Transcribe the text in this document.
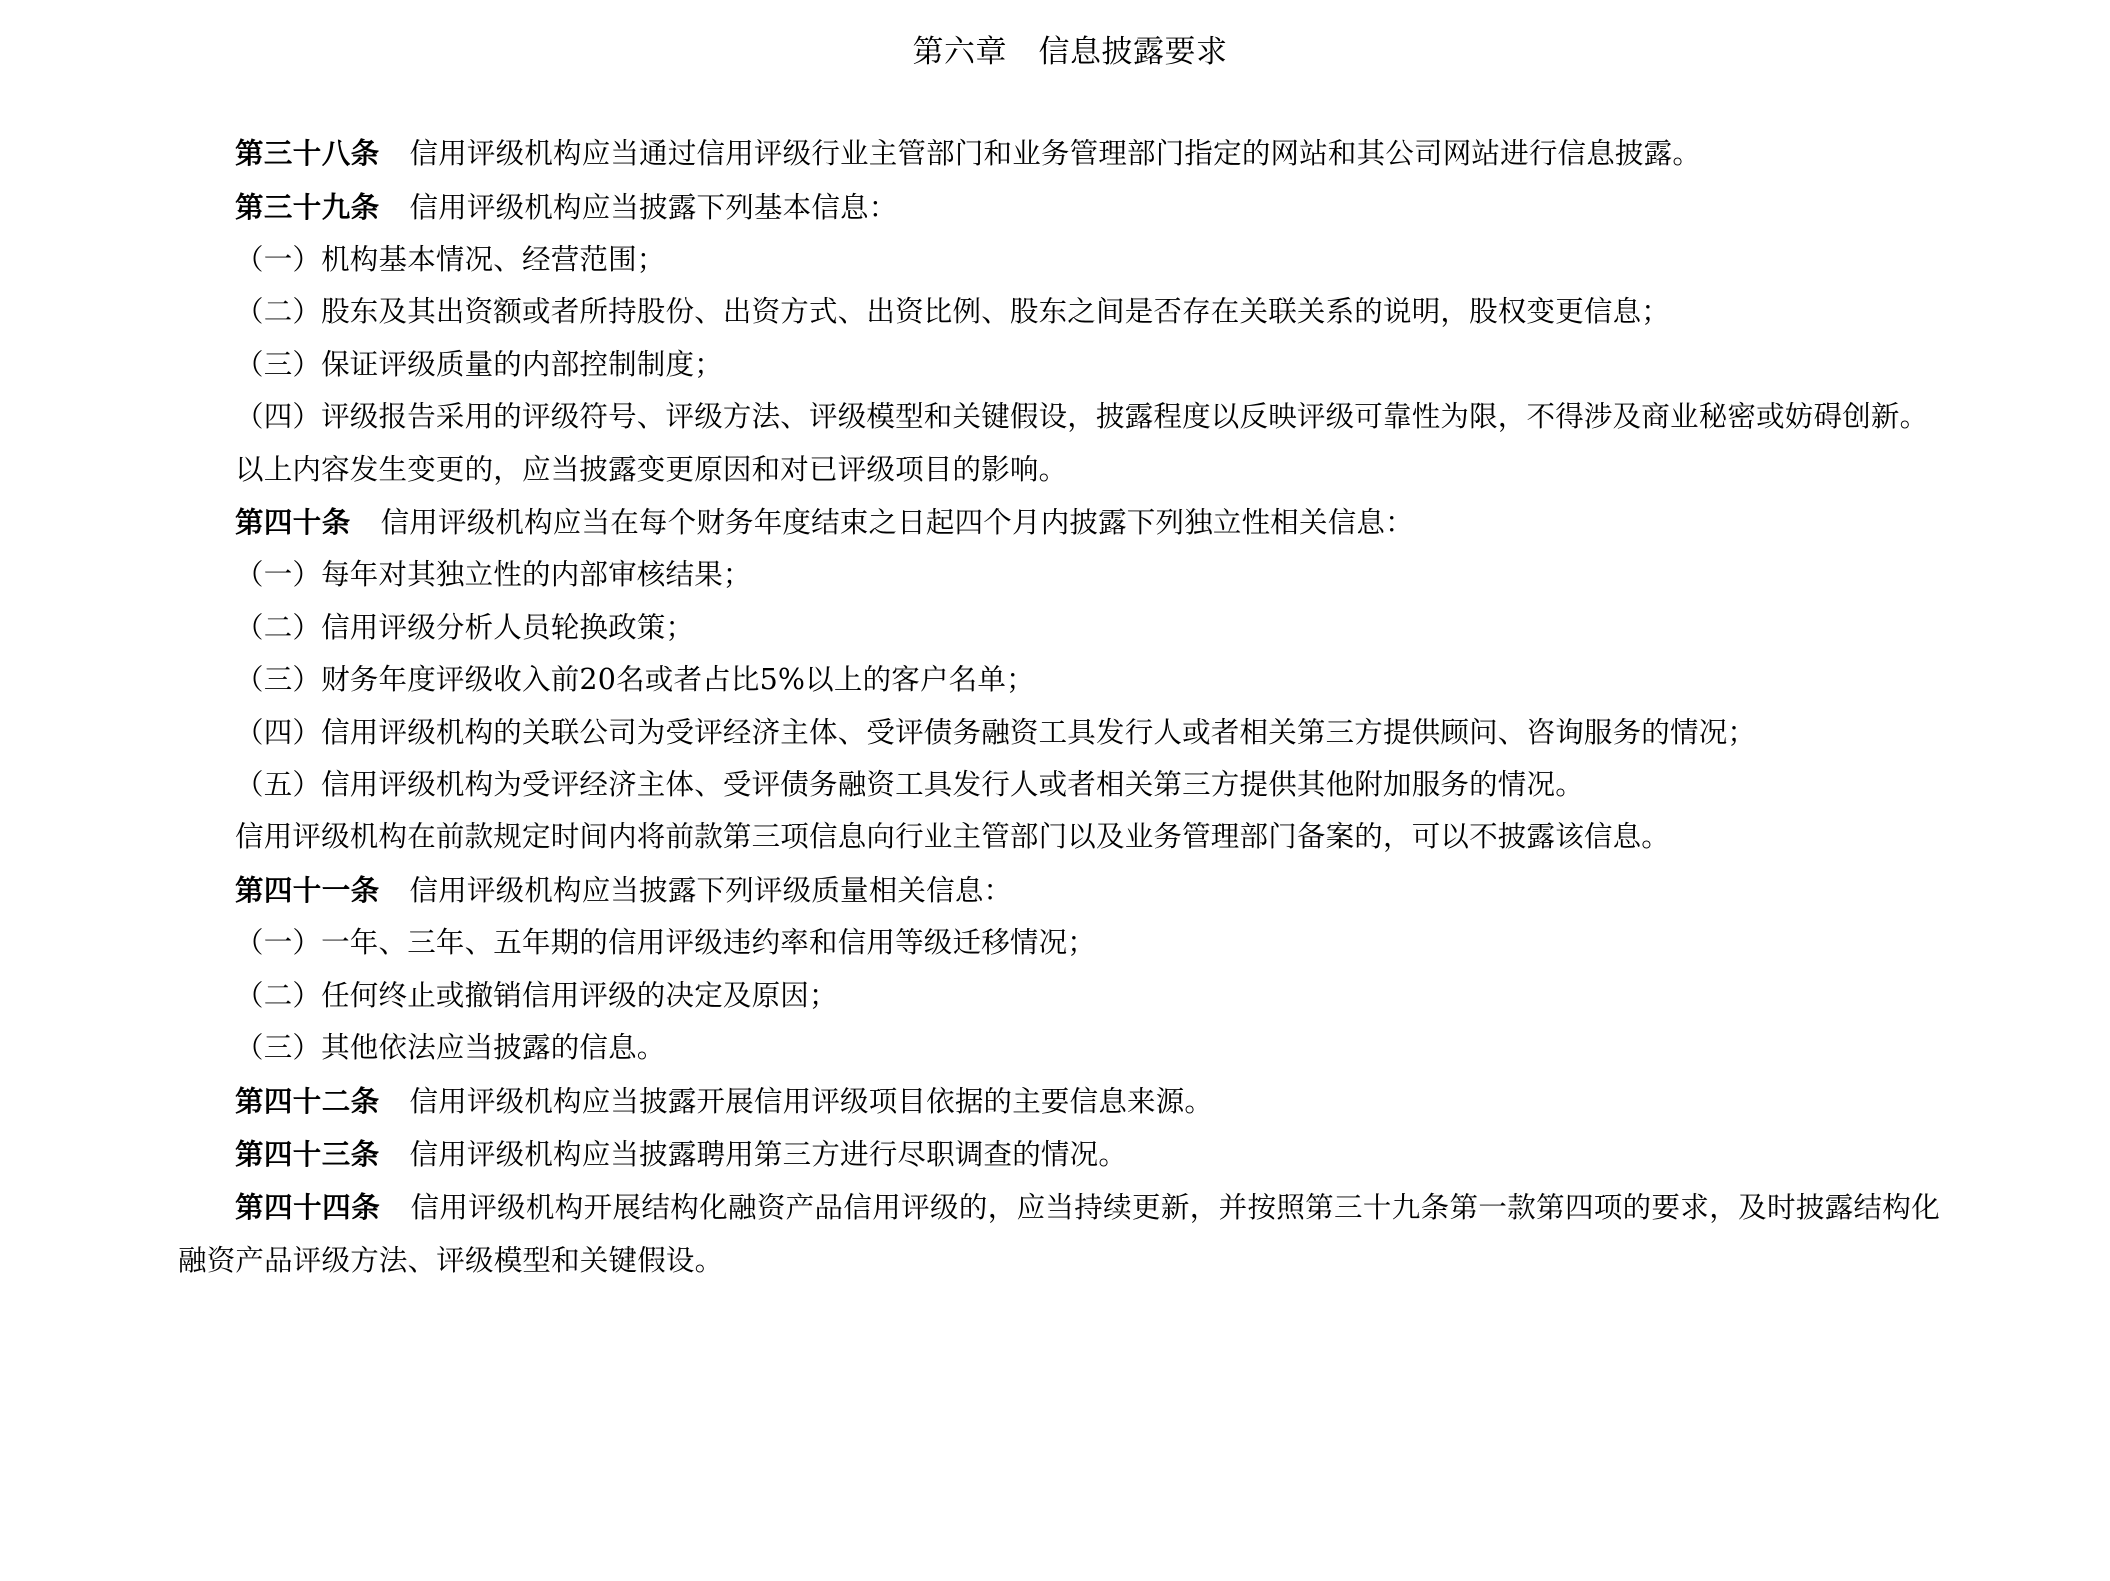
第六章　信息披露要求

第三十八条 信用评级机构应当通过信用评级行业主管部门和业务管理部门指定的网站和其公司网站进行信息披露。

第三十九条 信用评级机构应当披露下列基本信息：

（一）机构基本情况、经营范围；

（二）股东及其出资额或者所持股份、出资方式、出资比例、股东之间是否存在关联关系的说明，股权变更信息；

（三）保证评级质量的内部控制制度；

（四）评级报告采用的评级符号、评级方法、评级模型和关键假设，披露程度以反映评级可靠性为限，不得涉及商业秘密或妨碍创新。

以上内容发生变更的，应当披露变更原因和对已评级项目的影响。

第四十条 信用评级机构应当在每个财务年度结束之日起四个月内披露下列独立性相关信息：

（一）每年对其独立性的内部审核结果；

（二）信用评级分析人员轮换政策；

（三）财务年度评级收入前20名或者占比5%以上的客户名单；

（四）信用评级机构的关联公司为受评经济主体、受评债务融资工具发行人或者相关第三方提供顾问、咨询服务的情况；

（五）信用评级机构为受评经济主体、受评债务融资工具发行人或者相关第三方提供其他附加服务的情况。

信用评级机构在前款规定时间内将前款第三项信息向行业主管部门以及业务管理部门备案的，可以不披露该信息。

第四十一条 信用评级机构应当披露下列评级质量相关信息：

（一）一年、三年、五年期的信用评级违约率和信用等级迁移情况；

（二）任何终止或撤销信用评级的决定及原因；

（三）其他依法应当披露的信息。

第四十二条 信用评级机构应当披露开展信用评级项目依据的主要信息来源。

第四十三条 信用评级机构应当披露聘用第三方进行尽职调查的情况。

第四十四条 信用评级机构开展结构化融资产品信用评级的，应当持续更新，并按照第三十九条第一款第四项的要求，及时披露结构化融资产品评级方法、评级模型和关键假设。
